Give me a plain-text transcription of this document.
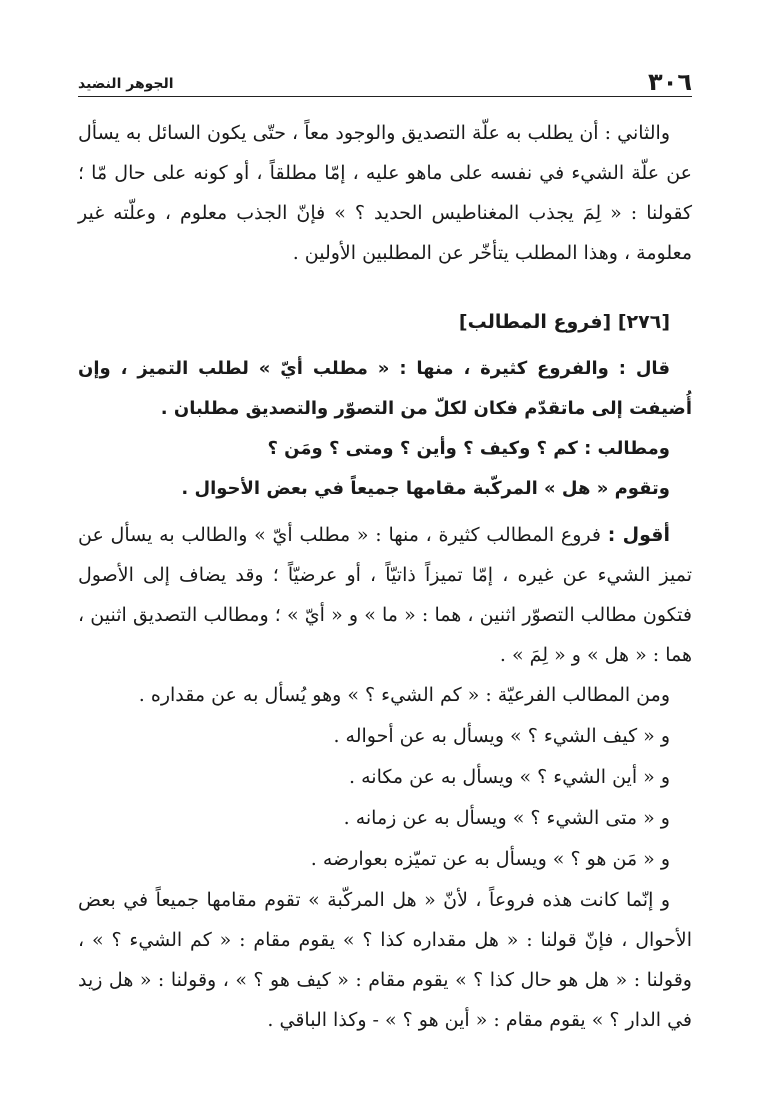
٣٠٦
الجوهر النضيد

والثاني : أن يطلب به علّة التصديق والوجود معاً ، حتّى يكون السائل به يسأل عن علّة الشيء في نفسه على ماهو عليه ، إمّا مطلقاً ، أو كونه على حال مّا ؛ كقولنا : « لِمَ يجذب المغناطيس الحديد ؟ » فإنّ الجذب معلوم ، وعلّته غير معلومة ، وهذا المطلب يتأخّر عن المطلبين الأولين .

[٢٧٦] [فروع المطالب]

قال : والفروع كثيرة ، منها : « مطلب أيّ » لطلب التميز ، وإن أُضيفت إلى ماتقدّم فكان لكلّ من التصوّر والتصديق مطلبان .

ومطالب : كم ؟ وكيف ؟ وأين ؟ ومتى ؟ ومَن ؟

وتقوم « هل » المركّبة مقامها جميعاً في بعض الأحوال .

أقول : فروع المطالب كثيرة ، منها : « مطلب أيّ » والطالب به يسأل عن تميز الشيء عن غيره ، إمّا تميزاً ذاتيّاً ، أو عرضيّاً ؛ وقد يضاف إلى الأصول فتكون مطالب التصوّر اثنين ، هما : « ما » و « أيّ » ؛ ومطالب التصديق اثنين ، هما : « هل » و « لِمَ » .

ومن المطالب الفرعيّة : « كم الشيء ؟ » وهو يُسأل به عن مقداره .

و « كيف الشيء ؟ » ويسأل به عن أحواله .

و « أين الشيء ؟ » ويسأل به عن مكانه .

و « متى الشيء ؟ » ويسأل به عن زمانه .

و « مَن هو ؟ » ويسأل به عن تميّزه بعوارضه .

و إنّما كانت هذه فروعاً ، لأنّ « هل المركّبة » تقوم مقامها جميعاً في بعض الأحوال ، فإنّ قولنا : « هل مقداره كذا ؟ » يقوم مقام : « كم الشيء ؟ » ، وقولنا : « هل هو حال كذا ؟ » يقوم مقام : « كيف هو ؟ » ، وقولنا : « هل زيد في الدار ؟ » يقوم مقام : « أين هو ؟ » - وكذا الباقي .
